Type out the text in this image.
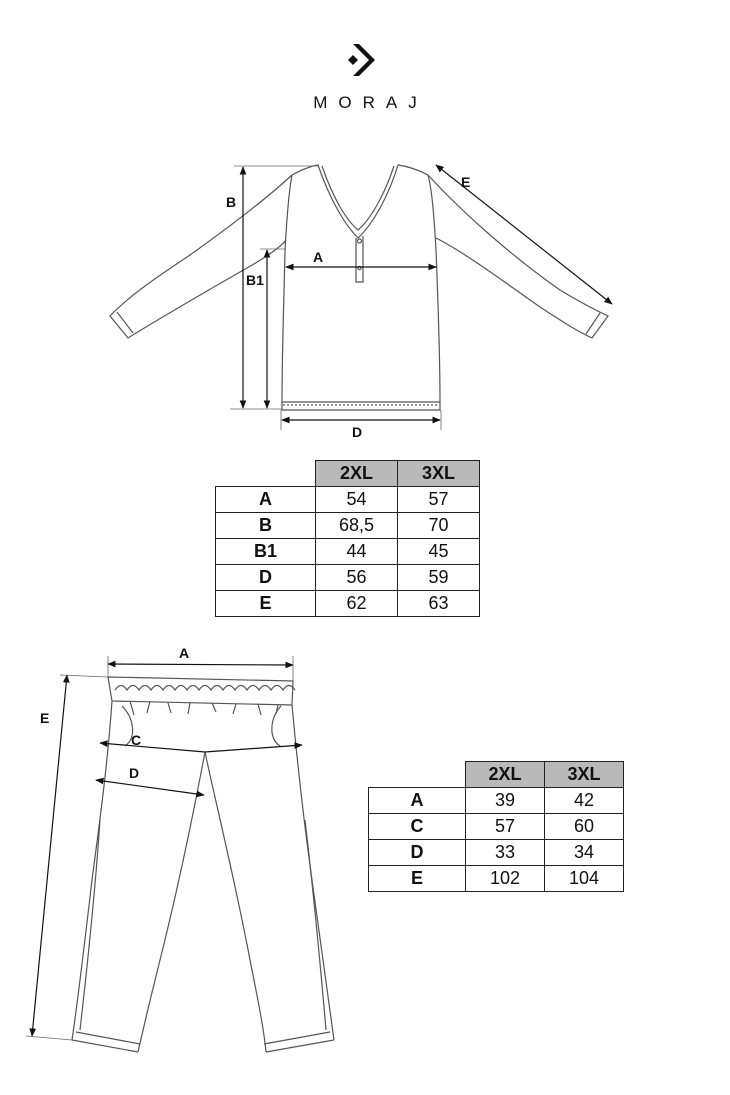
MORAJ
B
B1
A
D
E
A
E
C
D
	2XL	3XL
A	54	57
B	68,5	70
B1	44	45
D	56	59
E	62	63
	2XL	3XL
A	39	42
C	57	60
D	33	34
E	102	104
